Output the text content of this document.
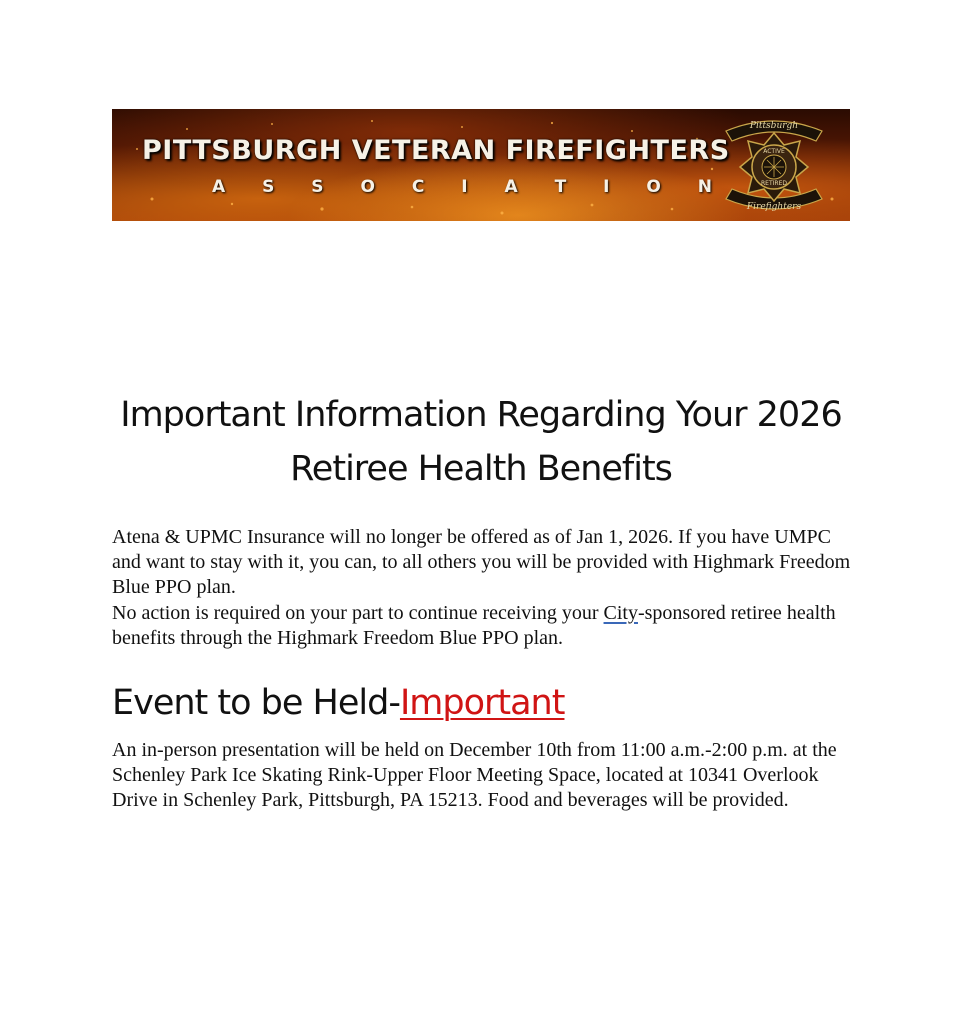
PITTSBURGH VETERAN FIREFIGHTERS
A S S O C I A T I O N
Pittsburgh
ACTIVE
RETIRED
Firefighters
Important Information Regarding Your 2026
Retiree Health Benefits

Atena & UPMC Insurance will no longer be offered as of Jan 1, 2026. If you have UMPC and want to stay with it, you can, to all others you will be provided with Highmark Freedom Blue PPO plan.

No action is required on your part to continue receiving your City-sponsored retiree health benefits through the Highmark Freedom Blue PPO plan.

Event to be Held-Important

An in-person presentation will be held on December 10th from 11:00 a.m.-2:00 p.m. at the Schenley Park Ice Skating Rink-Upper Floor Meeting Space, located at 10341 Overlook Drive in Schenley Park, Pittsburgh, PA 15213. Food and beverages will be provided.
